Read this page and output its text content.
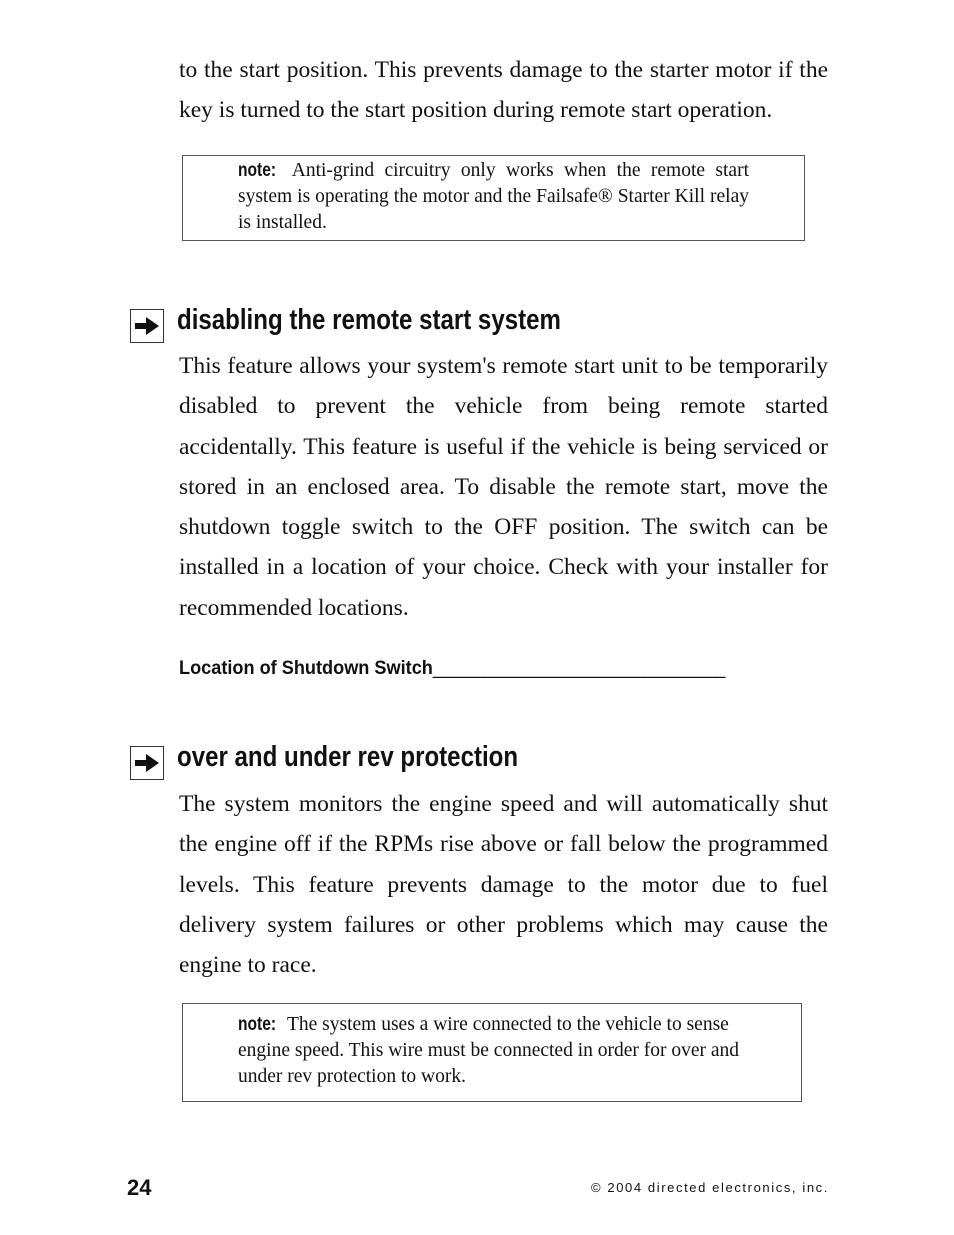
to the start position. This prevents damage to the starter motor if the key is turned to the start position during remote start operation.
note: Anti-grind circuitry only works when the remote start system is operating the motor and the Failsafe® Starter Kill relay is installed.
disabling the remote start system
This feature allows your system's remote start unit to be temporarily disabled to prevent the vehicle from being remote started accidentally. This feature is useful if the vehicle is being serviced or stored in an enclosed area. To disable the remote start, move the shutdown toggle switch to the OFF position. The switch can be installed in a location of your choice. Check with your installer for recommended locations.
Location of Shutdown Switch_____________________________
over and under rev protection
The system monitors the engine speed and will automatically shut the engine off if the RPMs rise above or fall below the programmed levels. This feature prevents damage to the motor due to fuel delivery system failures or other problems which may cause the engine to race.
note: The system uses a wire connected to the vehicle to sense engine speed. This wire must be connected in order for over and under rev protection to work.
24	© 2004 directed electronics, inc.
